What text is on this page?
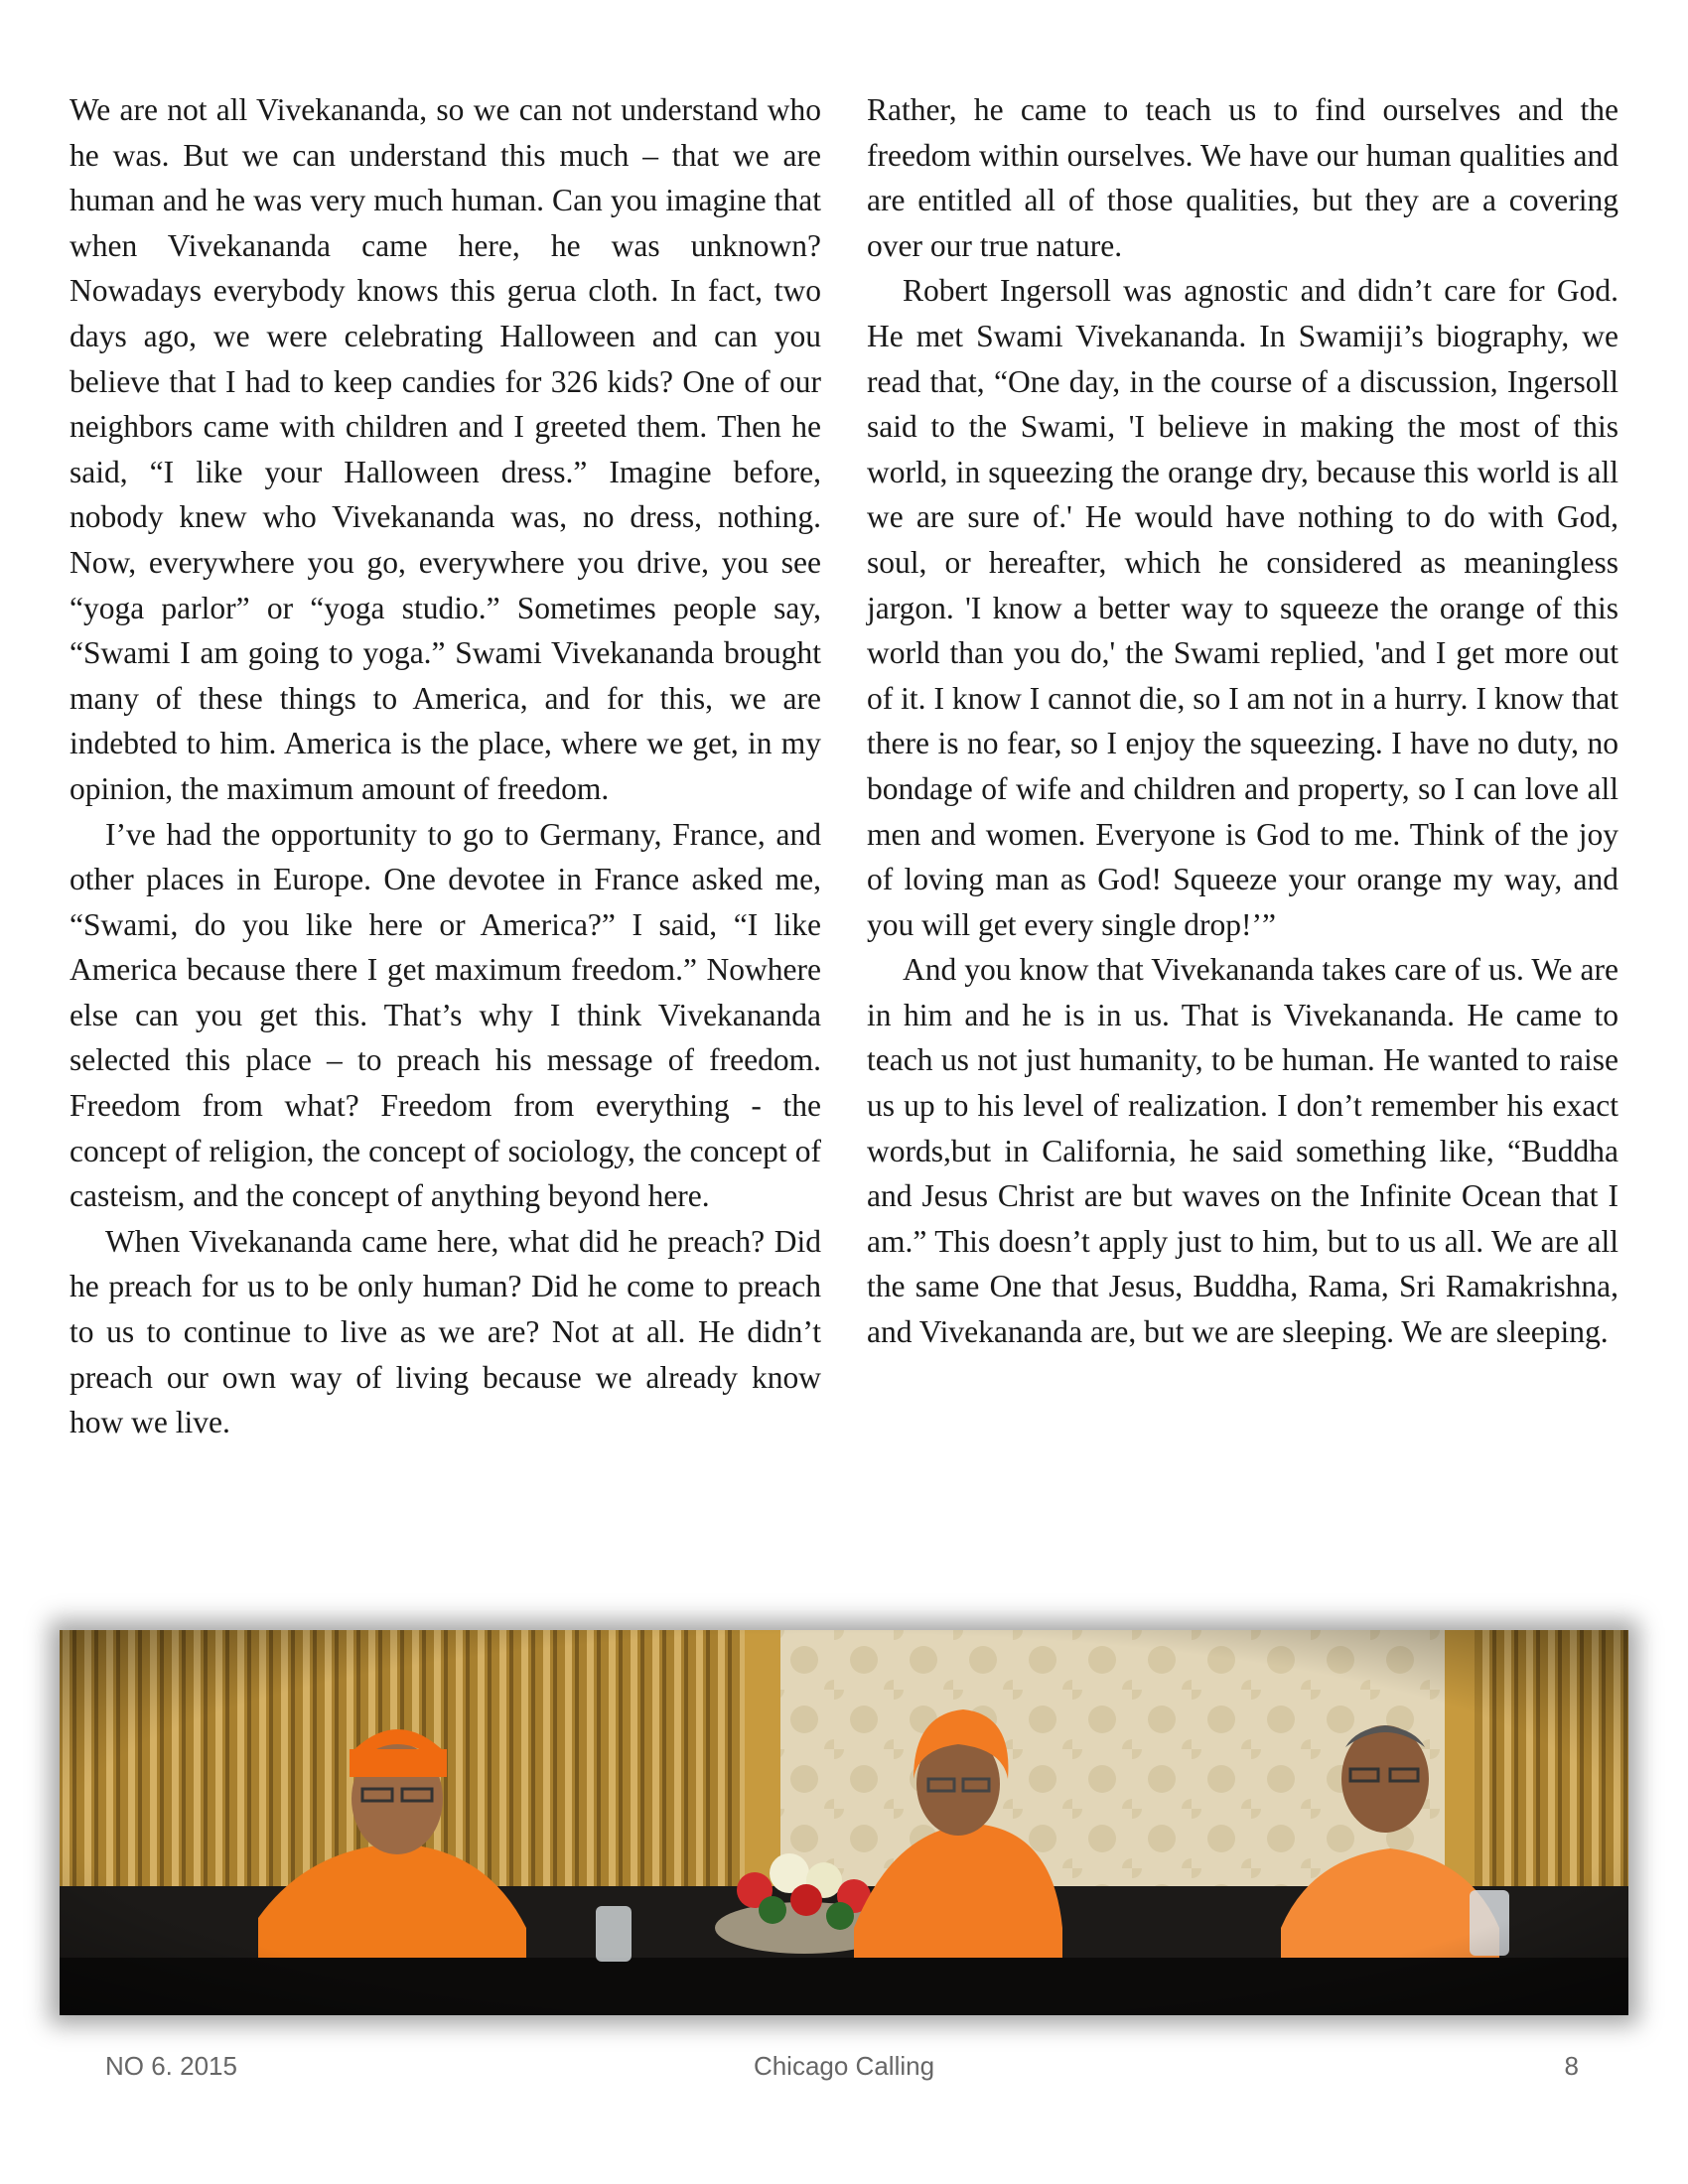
We are not all Vivekananda, so we can not understand who he was. But we can understand this much – that we are human and he was very much human. Can you imagine that when Vivekananda came here, he was unknown? Nowadays everybody knows this gerua cloth. In fact, two days ago, we were celebrating Halloween and can you believe that I had to keep candies for 326 kids? One of our neighbors came with children and I greeted them. Then he said, “I like your Halloween dress.” Imagine before, nobody knew who Vivekananda was, no dress, nothing. Now, everywhere you go, everywhere you drive, you see “yoga parlor” or “yoga studio.” Sometimes people say, “Swami I am going to yoga.” Swami Vivekananda brought many of these things to America, and for this, we are indebted to him. America is the place, where we get, in my opinion, the maximum amount of freedom.

I’ve had the opportunity to go to Germany, France, and other places in Europe. One devotee in France asked me, “Swami, do you like here or America?” I said, “I like America because there I get maximum freedom.” Nowhere else can you get this. That’s why I think Vivekananda selected this place – to preach his message of freedom. Freedom from what? Freedom from everything - the concept of religion, the concept of sociology, the concept of casteism, and the concept of anything beyond here.

When Vivekananda came here, what did he preach? Did he preach for us to be only human? Did he come to preach to us to continue to live as we are? Not at all. He didn’t preach our own way of living because we already know how we live.

Rather, he came to teach us to find ourselves and the freedom within ourselves. We have our human qualities and are entitled all of those qualities, but they are a covering over our true nature.

Robert Ingersoll was agnostic and didn’t care for God. He met Swami Vivekananda. In Swamiji’s biography, we read that, “One day, in the course of a discussion, Ingersoll said to the Swami, 'I believe in making the most of this world, in squeezing the orange dry, because this world is all we are sure of.' He would have nothing to do with God, soul, or hereafter, which he considered as meaningless jargon. 'I know a better way to squeeze the orange of this world than you do,' the Swami replied, 'and I get more out of it. I know I cannot die, so I am not in a hurry. I know that there is no fear, so I enjoy the squeezing. I have no duty, no bondage of wife and children and property, so I can love all men and women. Everyone is God to me. Think of the joy of loving man as God! Squeeze your orange my way, and you will get every single drop!’”

And you know that Vivekananda takes care of us. We are in him and he is in us. That is Vivekananda. He came to teach us not just humanity, to be human. He wanted to raise us up to his level of realization. I don’t remember his exact words,but in California, he said something like, “Buddha and Jesus Christ are but waves on the Infinite Ocean that I am.” This doesn’t apply just to him, but to us all. We are all the same One that Jesus, Buddha, Rama, Sri Ramakrishna, and Vivekananda are, but we are sleeping. We are sleeping.

NO 6. 2015	Chicago Calling	8
